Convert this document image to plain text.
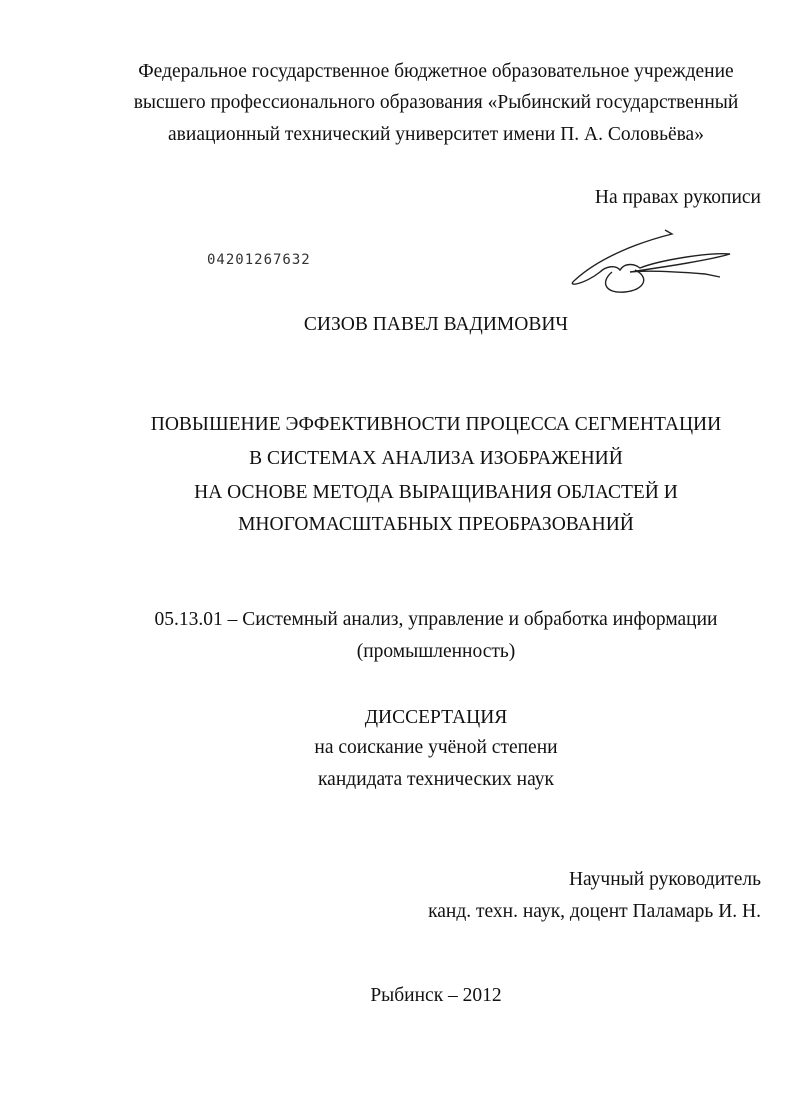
Федеральное государственное бюджетное образовательное учреждение
высшего профессионального образования «Рыбинский государственный
авиационный технический университет имени П. А. Соловьёва»
На правах рукописи
04201267632
СИЗОВ ПАВЕЛ ВАДИМОВИЧ
ПОВЫШЕНИЕ ЭФФЕКТИВНОСТИ ПРОЦЕССА СЕГМЕНТАЦИИ
В СИСТЕМАХ АНАЛИЗА ИЗОБРАЖЕНИЙ
НА ОСНОВЕ МЕТОДА ВЫРАЩИВАНИЯ ОБЛАСТЕЙ И
МНОГОМАСШТАБНЫХ ПРЕОБРАЗОВАНИЙ
05.13.01 – Системный анализ, управление и обработка информации
(промышленность)
ДИССЕРТАЦИЯ
на соискание учёной степени
кандидата технических наук
Научный руководитель
канд. техн. наук, доцент Паламарь И. Н.
Рыбинск – 2012
